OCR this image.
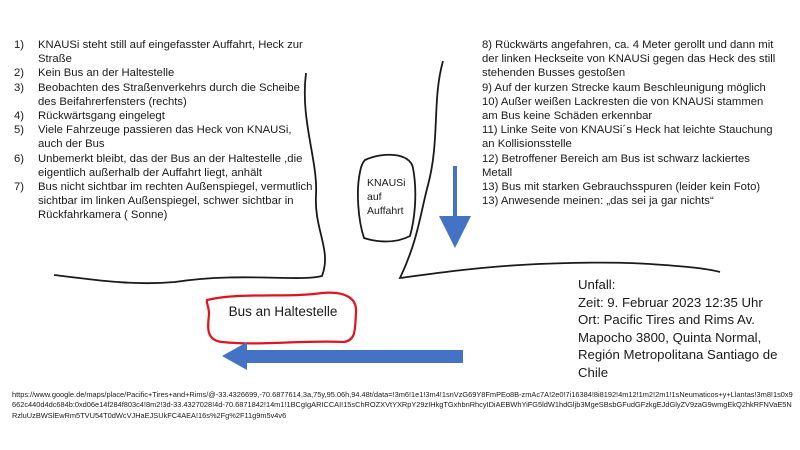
1) KNAUSi steht still auf eingefasster Auffahrt, Heck zur Straße
2) Kein Bus an der Haltestelle
3) Beobachten des Straßenverkehrs durch die Scheibe des Beifahrerfensters (rechts)
4) Rückwärtsgang eingelegt
5) Viele Fahrzeuge passieren das Heck von KNAUSi, auch der Bus
6) Unbemerkt bleibt, das der Bus an der Haltestelle ,die eigentlich außerhalb der Auffahrt liegt, anhält
7) Bus nicht sichtbar im rechten Außenspiegel, vermutlich sichtbar im linken Außenspiegel, schwer sichtbar in Rückfahrkamera ( Sonne)
8) Rückwärts angefahren, ca. 4 Meter gerollt und dann mit der linken Heckseite von KNAUSi gegen das Heck des still stehenden Busses gestoßen
9) Auf der kurzen Strecke kaum Beschleunigung möglich
10) Außer weißen Lackresten die von KNAUSi stammen am Bus keine Schäden erkennbar
11) Linke Seite von KNAUSi´s Heck hat leichte Stauchung an Kollisionsstelle
12) Betroffener Bereich am Bus ist schwarz lackiertes Metall
13) Bus mit starken Gebrauchsspuren (leider kein Foto)
13) Anwesende meinen: „das sei ja gar nichts“
KNAUSi auf Auffahrt
Bus an Haltestelle
Unfall:
Zeit: 9. Februar 2023 12:35 Uhr
Ort: Pacific Tires and Rims Av. Mapocho 3800, Quinta Normal, Región Metropolitana Santiago de Chile
https://www.google.de/maps/place/Pacific+Tires+and+Rims/@-33.4326699,-70.6877614,3a,75y,95.06h,94.48t/data=!3m6!1e1!3m4!1snVzG69Y8FmPEo8B-zmAc7A!2e0!7i16384!8i8192!4m12!1m2!2m1!1sNeumaticos+y+Llantas!3m8!1s0x9662c440d4dc684b:0xd06e14f284f803c4!8m2!3d-33.4327028!4d-70.6871842!14m1!1BCgIgARICCAI!15sChROZXVtYXRpY29zIHkgTGxhbnRhcyIDiAEBWhYiFG5ldW1hdGljb3MgeSBsbGFudGFzkgEJdGlyZV9zaG9wmgEkQ2hkRFNVaE5NRzluUzBWSlEwRm5TVU54T0dWcVJHaEJSUkFC4AEA!16s%2Fg%2F11g9m5v4v6
